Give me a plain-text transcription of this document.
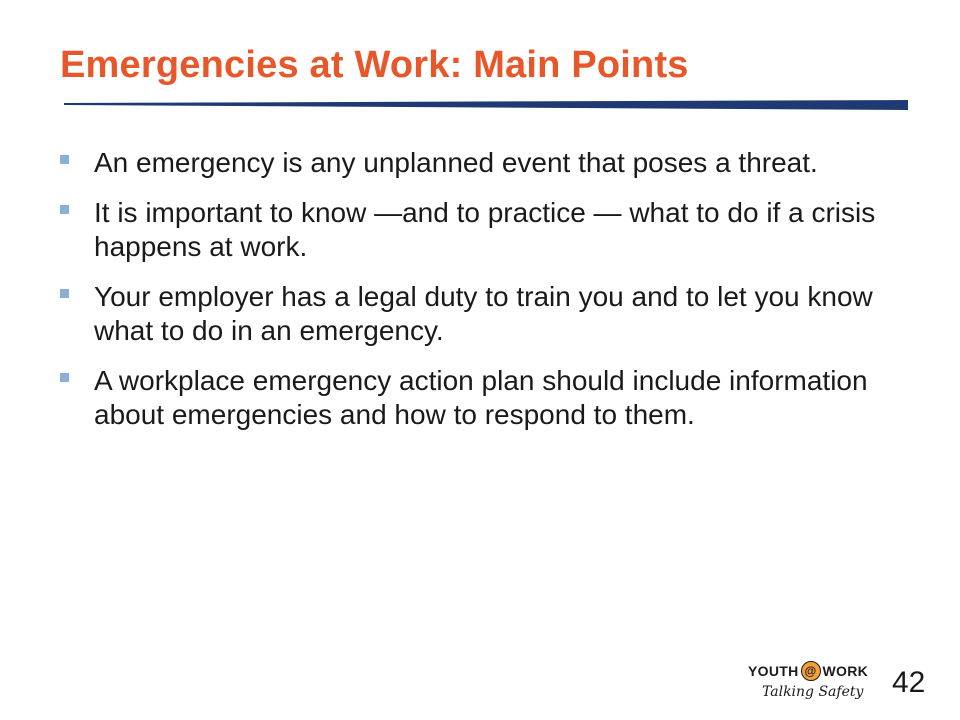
Emergencies at Work: Main Points
An emergency is any unplanned event that poses a threat.
It is important to know —and to practice — what to do if a crisis happens at work.
Your employer has a legal duty to train you and to let you know what to do in an emergency.
A workplace emergency action plan should include information about emergencies and how to respond to them.
YOUTH @ WORK
Talking Safety 42
